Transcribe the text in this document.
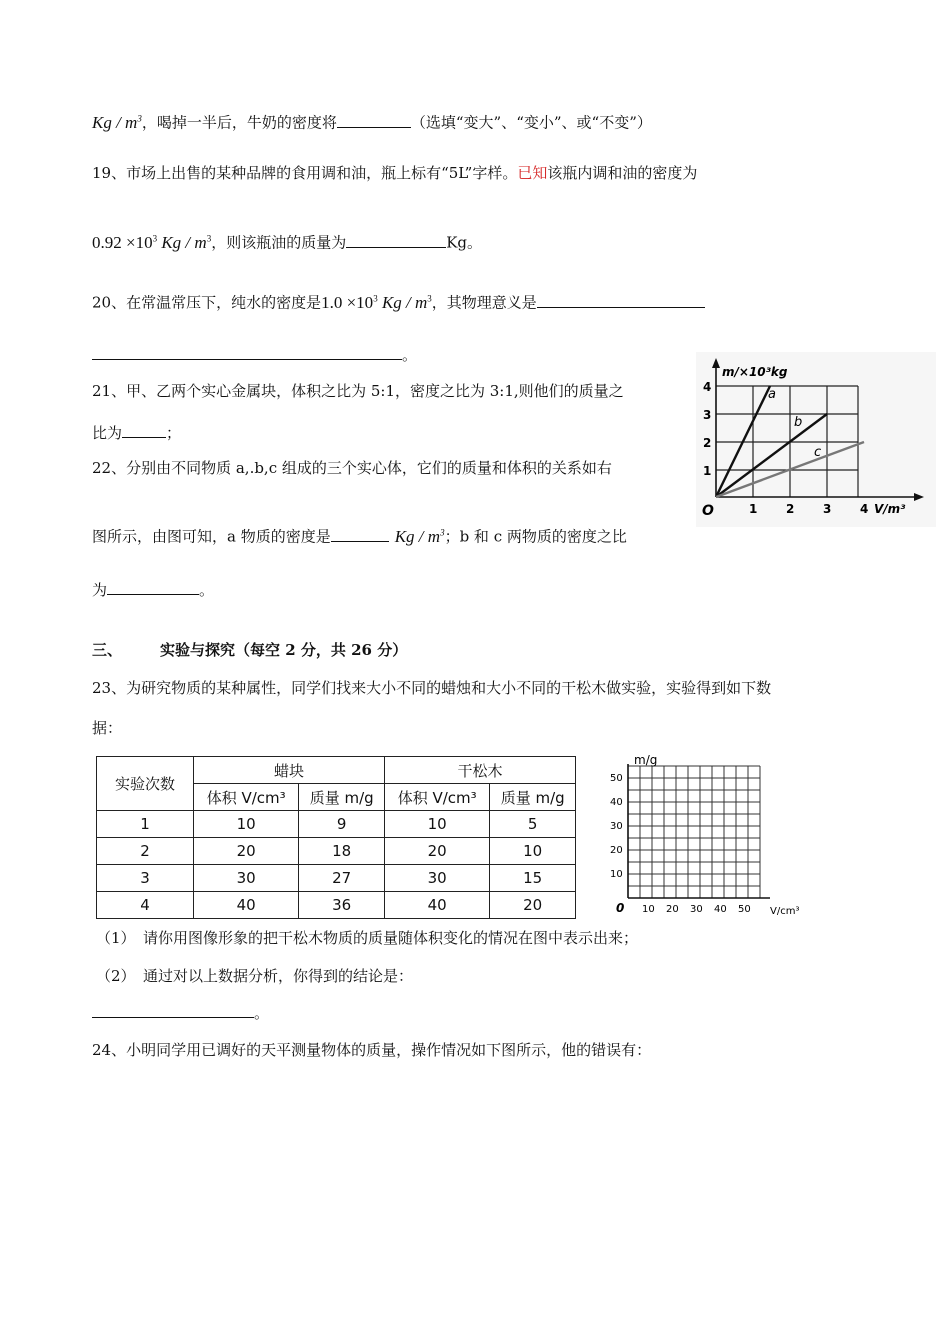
Kg / $m^3$，喝掉一半后，牛奶的密度将	（选填“变大”、“变小”、或“不变”）
19、市场上出售的某种品牌的食用调和油，瓶上标有“5L”字样。已知该瓶内调和油的密度为
$0.92 \times 10^3$ Kg / $m^3$，则该瓶油的质量为	Kg。
20、在常温常压下，纯水的密度是$1.0 \times 10^3$ Kg / $m^3$，其物理意义是
。
21、甲、乙两个实心金属块，体积之比为 5:1，密度之比为 3:1,则他们的质量之
比为	；
22、分别由不同物质 a,.b,c 组成的三个实心体，它们的质量和体积的关系如右
图所示，由图可知，a 物质的密度是	Kg / $m^3$；b 和 c 两物质的密度之比
为	。
a
b
c
m/×10³kg
4
3
2
1
O	1 2 3 4 V/m³
三、	实验与探究（每空 2 分，共 26 分）
23、为研究物质的某种属性，同学们找来大小不同的蜡烛和大小不同的干松木做实验，实验得到如下数
据：
实验次数	蜡块		干松木	
	体积 V/cm³	质量 m/g	体积 V/cm³	质量 m/g
1	10	9	10	5
2	20	18	20	10
3	30	27	30	15
4	40	36	40	20
m/g
50
40
30
20
10
0 10 20 30 40 50 V/cm³
（1）　请你用图像形象的把干松木物质的质量随体积变化的情况在图中表示出来；
（2）　通过对以上数据分析，你得到的结论是：
。
24、小明同学用已调好的天平测量物体的质量，操作情况如下图所示，他的错误有：
